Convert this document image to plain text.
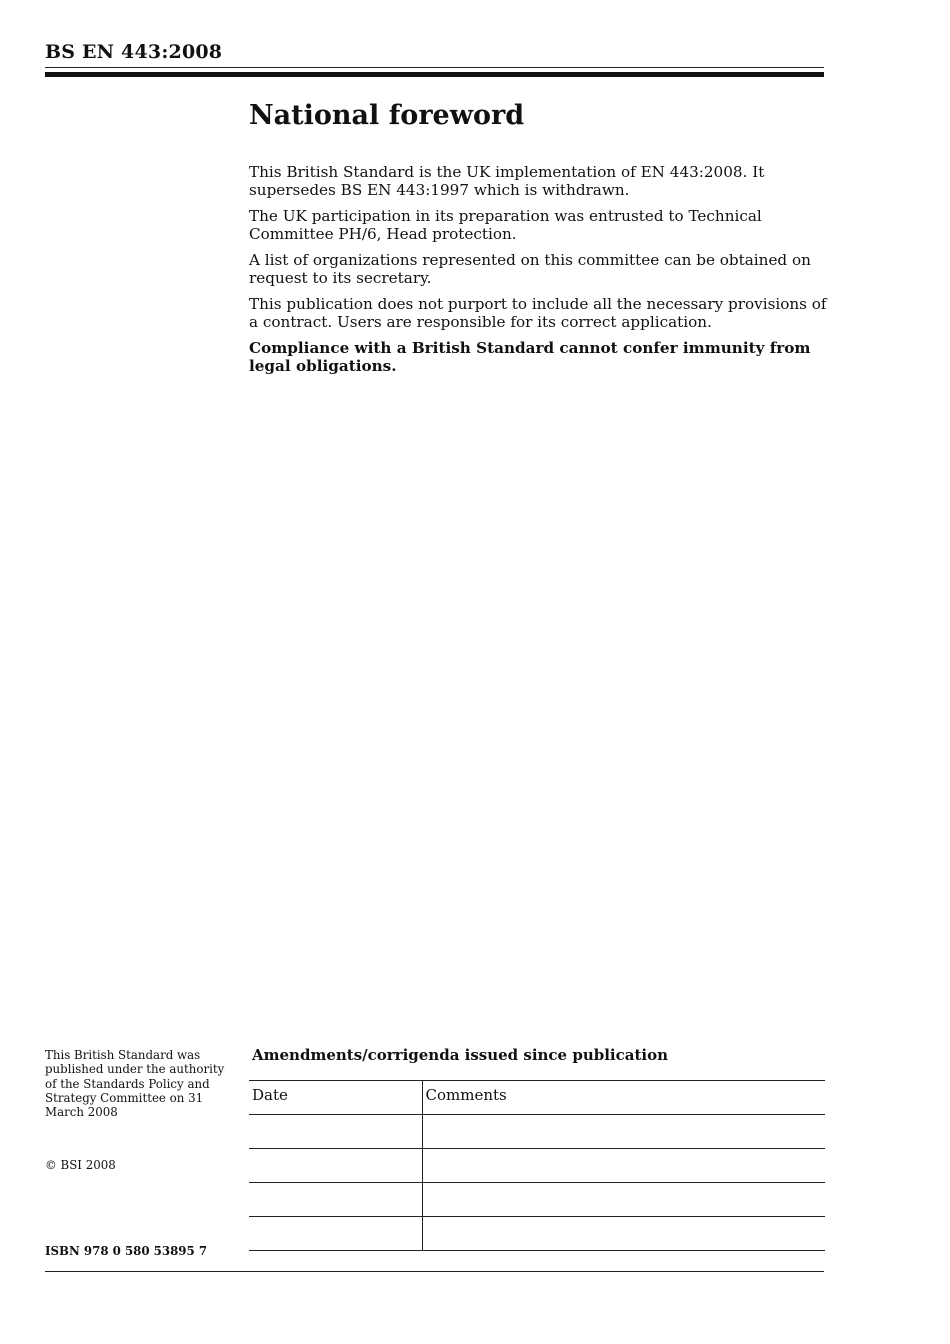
BS EN 443:2008
National foreword

This British Standard is the UK implementation of EN 443:2008. It supersedes BS EN 443:1997 which is withdrawn.

The UK participation in its preparation was entrusted to Technical Committee PH/6, Head protection.

A list of organizations represented on this committee can be obtained on request to its secretary.

This publication does not purport to include all the necessary provisions of a contract. Users are responsible for its correct application.

Compliance with a British Standard cannot confer immunity from legal obligations.

This British Standard was published under the authority of the Standards Policy and Strategy Committee on 31 March 2008
© BSI 2008
ISBN 978 0 580 53895 7
Amendments/corrigenda issued since publication
Date	Comments
